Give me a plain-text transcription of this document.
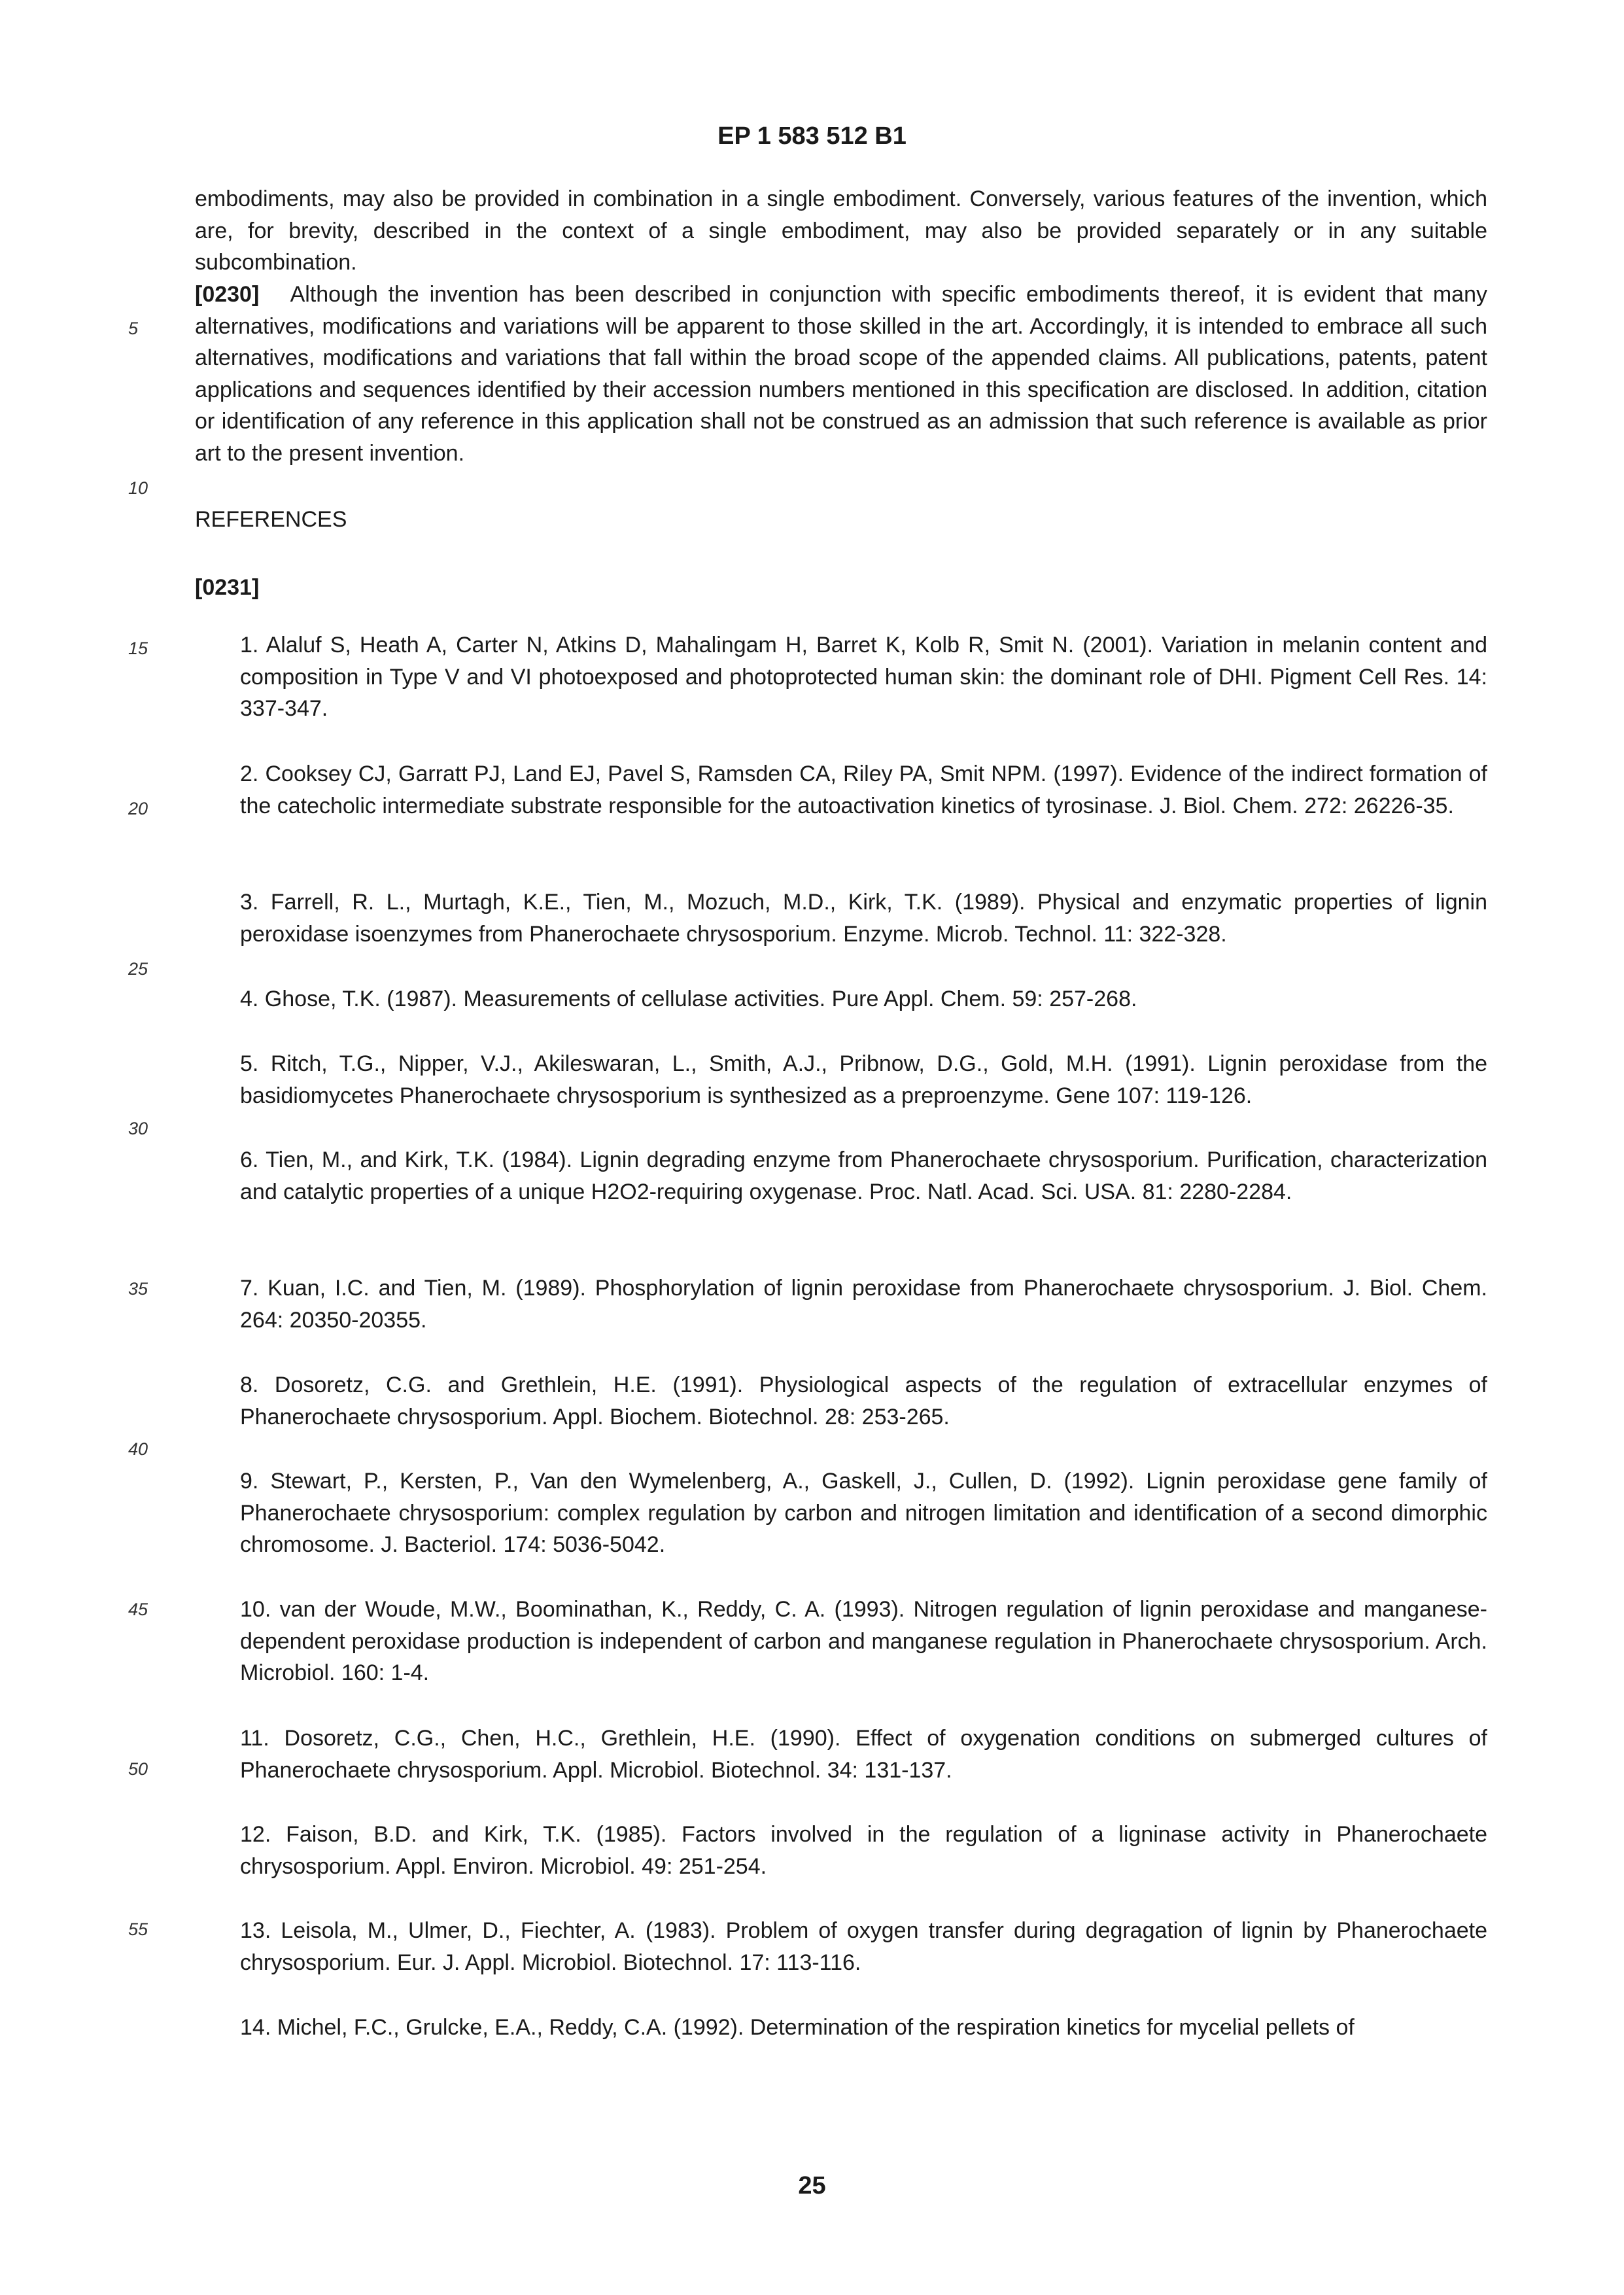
EP 1 583 512 B1
5
10
15
20
25
30
35
40
45
50
55
embodiments, may also be provided in combination in a single embodiment. Conversely, various features of the invention, which are, for brevity, described in the context of a single embodiment, may also be provided separately or in any suitable subcombination.
[0230] Although the invention has been described in conjunction with specific embodiments thereof, it is evident that many alternatives, modifications and variations will be apparent to those skilled in the art. Accordingly, it is intended to embrace all such alternatives, modifications and variations that fall within the broad scope of the appended claims. All publications, patents, patent applications and sequences identified by their accession numbers mentioned in this specification are disclosed. In addition, citation or identification of any reference in this application shall not be construed as an admission that such reference is available as prior art to the present invention.
REFERENCES
[0231]
1. Alaluf S, Heath A, Carter N, Atkins D, Mahalingam H, Barret K, Kolb R, Smit N. (2001). Variation in melanin content and composition in Type V and VI photoexposed and photoprotected human skin: the dominant role of DHI. Pigment Cell Res. 14: 337-347.
2. Cooksey CJ, Garratt PJ, Land EJ, Pavel S, Ramsden CA, Riley PA, Smit NPM. (1997). Evidence of the indirect formation of the catecholic intermediate substrate responsible for the autoactivation kinetics of tyrosinase. J. Biol. Chem. 272: 26226-35.
3. Farrell, R. L., Murtagh, K.E., Tien, M., Mozuch, M.D., Kirk, T.K. (1989). Physical and enzymatic properties of lignin peroxidase isoenzymes from Phanerochaete chrysosporium. Enzyme. Microb. Technol. 11: 322-328.
4. Ghose, T.K. (1987). Measurements of cellulase activities. Pure Appl. Chem. 59: 257-268.
5. Ritch, T.G., Nipper, V.J., Akileswaran, L., Smith, A.J., Pribnow, D.G., Gold, M.H. (1991). Lignin peroxidase from the basidiomycetes Phanerochaete chrysosporium is synthesized as a preproenzyme. Gene 107: 119-126.
6. Tien, M., and Kirk, T.K. (1984). Lignin degrading enzyme from Phanerochaete chrysosporium. Purification, characterization and catalytic properties of a unique H2O2-requiring oxygenase. Proc. Natl. Acad. Sci. USA. 81: 2280-2284.
7. Kuan, I.C. and Tien, M. (1989). Phosphorylation of lignin peroxidase from Phanerochaete chrysosporium. J. Biol. Chem. 264: 20350-20355.
8. Dosoretz, C.G. and Grethlein, H.E. (1991). Physiological aspects of the regulation of extracellular enzymes of Phanerochaete chrysosporium. Appl. Biochem. Biotechnol. 28: 253-265.
9. Stewart, P., Kersten, P., Van den Wymelenberg, A., Gaskell, J., Cullen, D. (1992). Lignin peroxidase gene family of Phanerochaete chrysosporium: complex regulation by carbon and nitrogen limitation and identification of a second dimorphic chromosome. J. Bacteriol. 174: 5036-5042.
10. van der Woude, M.W., Boominathan, K., Reddy, C. A. (1993). Nitrogen regulation of lignin peroxidase and manganese-dependent peroxidase production is independent of carbon and manganese regulation in Phanerochaete chrysosporium. Arch. Microbiol. 160: 1-4.
11. Dosoretz, C.G., Chen, H.C., Grethlein, H.E. (1990). Effect of oxygenation conditions on submerged cultures of Phanerochaete chrysosporium. Appl. Microbiol. Biotechnol. 34: 131-137.
12. Faison, B.D. and Kirk, T.K. (1985). Factors involved in the regulation of a ligninase activity in Phanerochaete chrysosporium. Appl. Environ. Microbiol. 49: 251-254.
13. Leisola, M., Ulmer, D., Fiechter, A. (1983). Problem of oxygen transfer during degragation of lignin by Phanerochaete chrysosporium. Eur. J. Appl. Microbiol. Biotechnol. 17: 113-116.
14. Michel, F.C., Grulcke, E.A., Reddy, C.A. (1992). Determination of the respiration kinetics for mycelial pellets of
25
